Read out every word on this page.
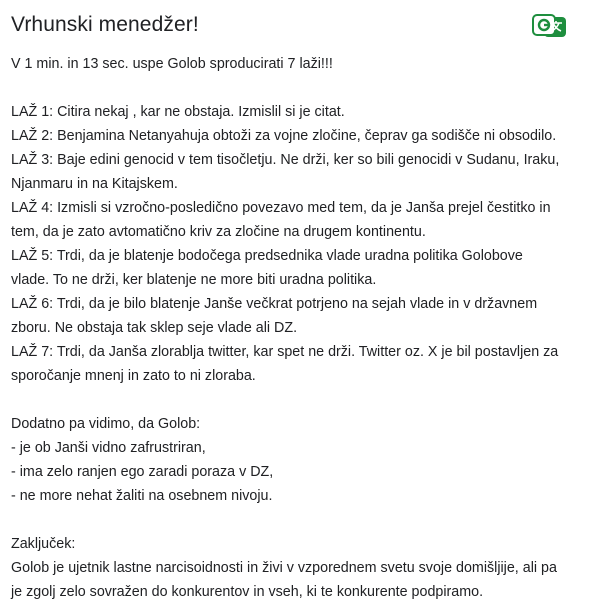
Vrhunski menedžer!
V 1 min. in 13 sec. uspe Golob sproducirati 7 laži!!!
LAŽ 1: Citira nekaj , kar ne obstaja. Izmislil si je citat.
LAŽ 2: Benjamina Netanyahuja obtoži za vojne zločine, čeprav ga sodišče ni obsodilo.
LAŽ 3: Baje edini genocid v tem tisočletju. Ne drži, ker so bili genocidi v Sudanu, Iraku,
Njanmaru in na Kitajskem.
LAŽ 4: Izmisli si vzročno-posledično povezavo med tem, da je Janša prejel čestitko in
tem, da je zato avtomatično kriv za zločine na drugem kontinentu.
LAŽ 5: Trdi, da je blatenje bodočega predsednika vlade uradna politika Golobove
vlade. To ne drži, ker blatenje ne more biti uradna politika.
LAŽ 6: Trdi, da je bilo blatenje Janše večkrat potrjeno na sejah vlade in v državnem
zboru. Ne obstaja tak sklep seje vlade ali DZ.
LAŽ 7: Trdi, da Janša zlorablja twitter, kar spet ne drži. Twitter oz. X je bil postavljen za
sporočanje mnenj in zato to ni zloraba.
Dodatno pa vidimo, da Golob:
- je ob Janši vidno zafrustriran,
- ima zelo ranjen ego zaradi poraza v DZ,
- ne more nehat žaliti na osebnem nivoju.
Zaključek:
Golob je ujetnik lastne narcisoidnosti in živi v vzporednem svetu svoje domišljije, ali pa
je zgolj zelo sovražen do konkurentov in vseh, ki te konkurente podpiramo.
